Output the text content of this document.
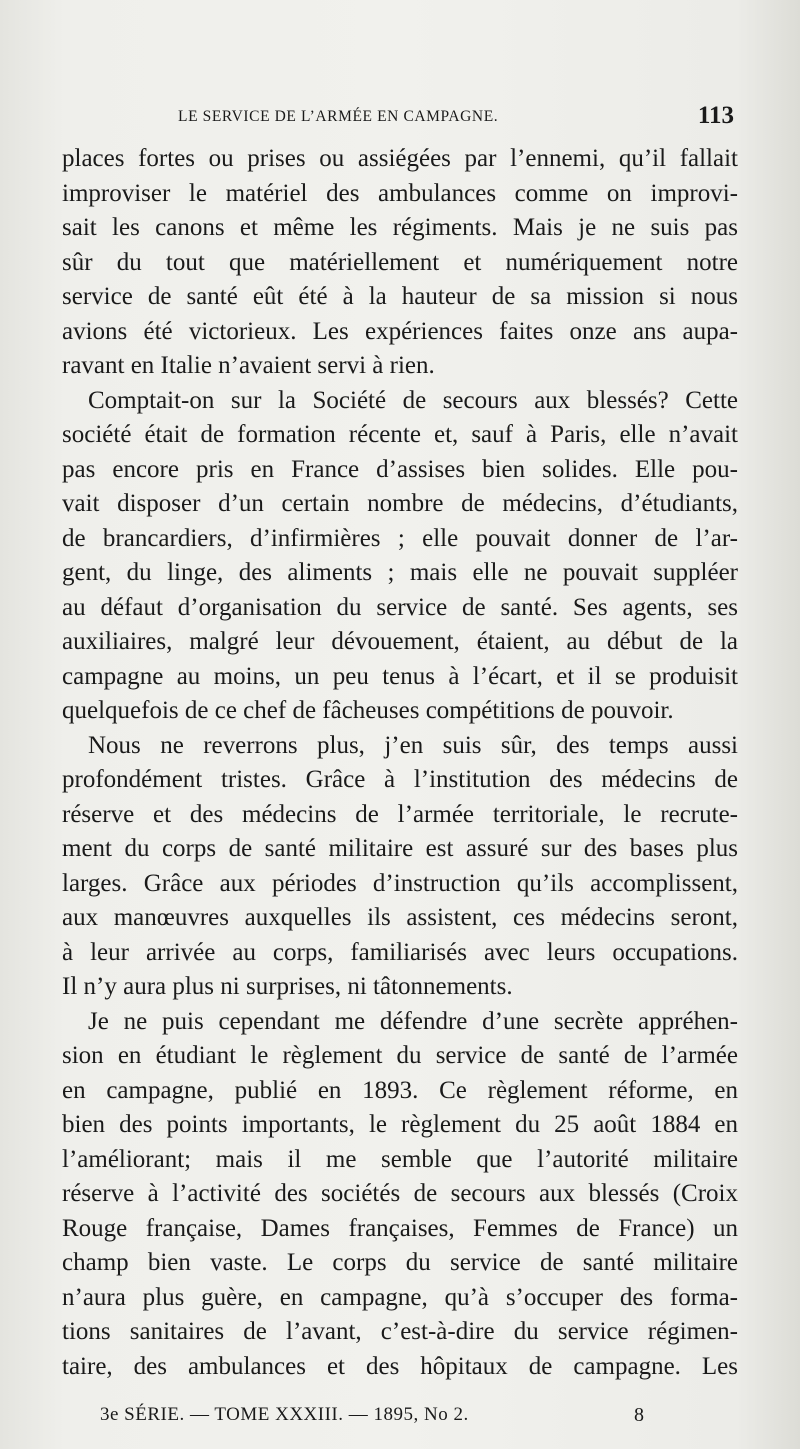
LE SERVICE DE L’ARMÉE EN CAMPAGNE.	113
places fortes ou prises ou assiégées par l’ennemi, qu’il fallait
improviser le matériel des ambulances comme on improvi-
sait les canons et même les régiments. Mais je ne suis pas
sûr du tout que matériellement et numériquement notre
service de santé eût été à la hauteur de sa mission si nous
avions été victorieux. Les expériences faites onze ans aupa-
ravant en Italie n’avaient servi à rien.
Comptait-on sur la Société de secours aux blessés? Cette
société était de formation récente et, sauf à Paris, elle n’avait
pas encore pris en France d’assises bien solides. Elle pou-
vait disposer d’un certain nombre de médecins, d’étudiants,
de brancardiers, d’infirmières ; elle pouvait donner de l’ar-
gent, du linge, des aliments ; mais elle ne pouvait suppléer
au défaut d’organisation du service de santé. Ses agents, ses
auxiliaires, malgré leur dévouement, étaient, au début de la
campagne au moins, un peu tenus à l’écart, et il se produisit
quelquefois de ce chef de fâcheuses compétitions de pouvoir.
Nous ne reverrons plus, j’en suis sûr, des temps aussi
profondément tristes. Grâce à l’institution des médecins de
réserve et des médecins de l’armée territoriale, le recrute-
ment du corps de santé militaire est assuré sur des bases plus
larges. Grâce aux périodes d’instruction qu’ils accomplissent,
aux manœuvres auxquelles ils assistent, ces médecins seront,
à leur arrivée au corps, familiarisés avec leurs occupations.
Il n’y aura plus ni surprises, ni tâtonnements.
Je ne puis cependant me défendre d’une secrète appréhen-
sion en étudiant le règlement du service de santé de l’armée
en campagne, publié en 1893. Ce règlement réforme, en
bien des points importants, le règlement du 25 août 1884 en
l’améliorant; mais il me semble que l’autorité militaire
réserve à l’activité des sociétés de secours aux blessés (Croix
Rouge française, Dames françaises, Femmes de France) un
champ bien vaste. Le corps du service de santé militaire
n’aura plus guère, en campagne, qu’à s’occuper des forma-
tions sanitaires de l’avant, c’est-à-dire du service régimen-
taire, des ambulances et des hôpitaux de campagne. Les
3e SÉRIE. — TOME XXXIII. — 1895, No 2.	8
